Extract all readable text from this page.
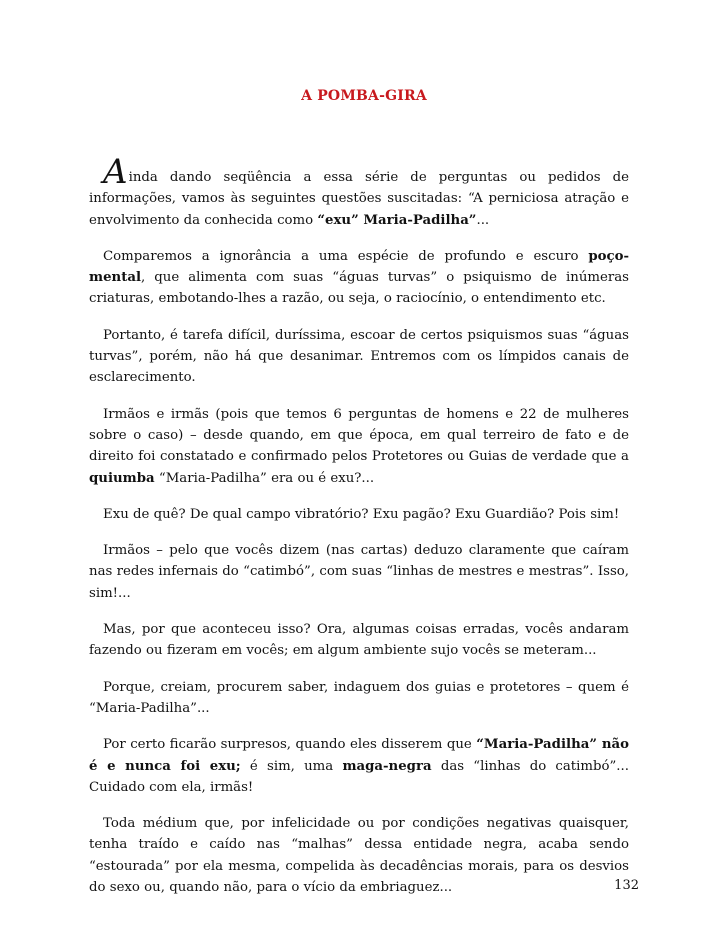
A POMBA-GIRA

Ainda dando seqüência a essa série de perguntas ou pedidos de informações, vamos às seguintes questões suscitadas: “A perniciosa atração e envolvimento da conhecida como “exu” Maria-Padilha”...

Comparemos a ignorância a uma espécie de profundo e escuro poço-mental, que alimenta com suas “águas turvas” o psiquismo de inúmeras criaturas, embotando-lhes a razão, ou seja, o raciocínio, o entendimento etc.

Portanto, é tarefa difícil, duríssima, escoar de certos psiquismos suas “águas turvas”, porém, não há que desanimar. Entremos com os límpidos canais de esclarecimento.

Irmãos e irmãs (pois que temos 6 perguntas de homens e 22 de mulheres sobre o caso) – desde quando, em que época, em qual terreiro de fato e de direito foi constatado e confirmado pelos Protetores ou Guias de verdade que a quiumba “Maria-Padilha” era ou é exu?...

Exu de quê? De qual campo vibratório? Exu pagão? Exu Guardião? Pois sim!

Irmãos – pelo que vocês dizem (nas cartas) deduzo claramente que caíram nas redes infernais do “catimbó”, com suas “linhas de mestres e mestras”. Isso, sim!...

Mas, por que aconteceu isso? Ora, algumas coisas erradas, vocês andaram fazendo ou fizeram em vocês; em algum ambiente sujo vocês se meteram...

Porque, creiam, procurem saber, indaguem dos guias e protetores – quem é “Maria-Padilha”...

Por certo ficarão surpresos, quando eles disserem que “Maria-Padilha” não é e nunca foi exu; é sim, uma maga-negra das “linhas do catimbó”... Cuidado com ela, irmãs!

Toda médium que, por infelicidade ou por condições negativas quaisquer, tenha traído e caído nas “malhas” dessa entidade negra, acaba sendo “estourada” por ela mesma, compelida às decadências morais, para os desvios do sexo ou, quando não, para o vício da embriaguez...	132
